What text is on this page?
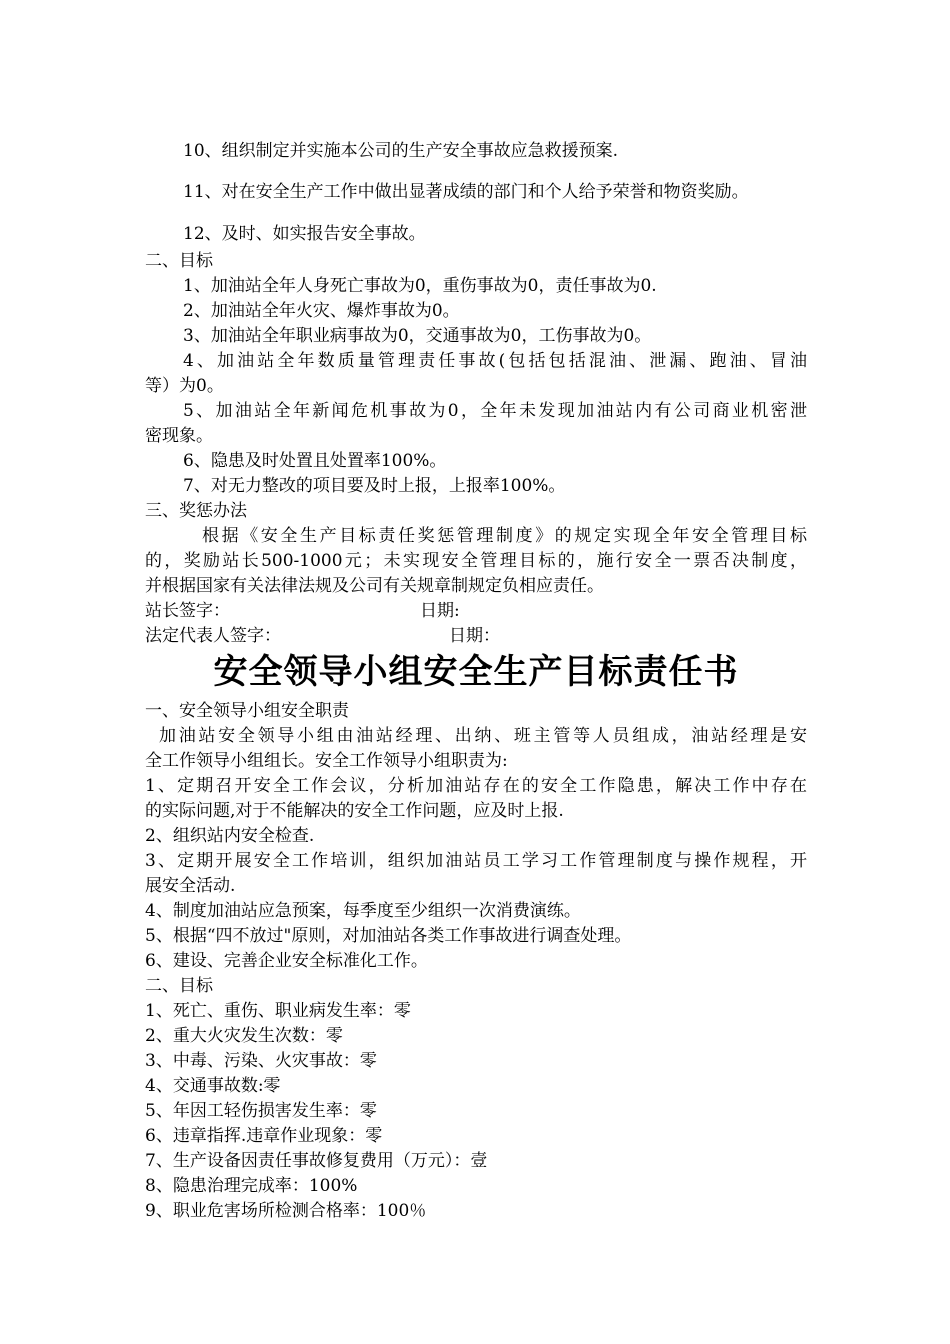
10、组织制定并实施本公司的生产安全事故应急救援预案.
11、对在安全生产工作中做出显著成绩的部门和个人给予荣誉和物资奖励。
12、及时、如实报告安全事故。
二、目标
1、加油站全年人身死亡事故为0，重伤事故为0，责任事故为0.
2、加油站全年火灾、爆炸事故为0。
3、加油站全年职业病事故为0，交通事故为0，工伤事故为0。
4、加油站全年数质量管理责任事故(包括包括混油、泄漏、跑油、冒油
等）为0。
5、加油站全年新闻危机事故为0，全年未发现加油站内有公司商业机密泄
密现象。
6、隐患及时处置且处置率100%。
7、对无力整改的项目要及时上报，上报率100%。
三、奖惩办法
根据《安全生产目标责任奖惩管理制度》的规定实现全年安全管理目标
的，奖励站长500-1000元；未实现安全管理目标的，施行安全一票否决制度，
并根据国家有关法律法规及公司有关规章制规定负相应责任。
站长签字：	日期:
法定代表人签字：	日期：
安全领导小组安全生产目标责任书
一、安全领导小组安全职责
加油站安全领导小组由油站经理、出纳、班主管等人员组成，油站经理是安
全工作领导小组组长。安全工作领导小组职责为:
1、定期召开安全工作会议，分析加油站存在的安全工作隐患，解决工作中存在
的实际问题,对于不能解决的安全工作问题，应及时上报.
2、组织站内安全检查.
3、定期开展安全工作培训，组织加油站员工学习工作管理制度与操作规程，开
展安全活动.
4、制度加油站应急预案，每季度至少组织一次消费演练。
5、根据“四不放过"原则，对加油站各类工作事故进行调查处理。
6、建设、完善企业安全标准化工作。
二、目标
1、死亡、重伤、职业病发生率：零
2、重大火灾发生次数：零
3、中毒、污染、火灾事故：零
4、交通事故数:零
5、年因工轻伤损害发生率：零
6、违章指挥.违章作业现象：零
7、生产设备因责任事故修复费用（万元）：壹
8、隐患治理完成率：100%
9、职业危害场所检测合格率：100％
